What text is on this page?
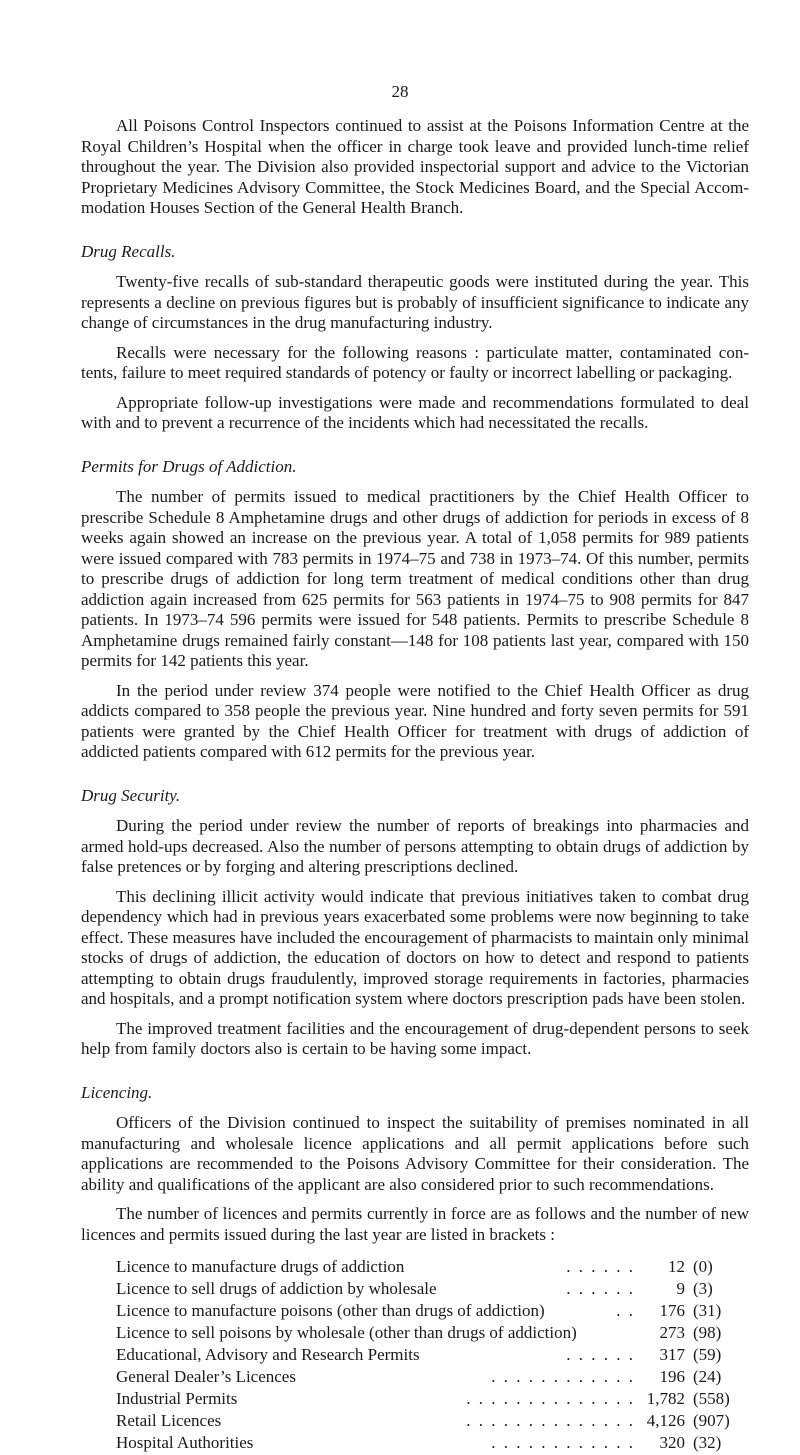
28

All Poisons Control Inspectors continued to assist at the Poisons Information Centre at the Royal Children’s Hospital when the officer in charge took leave and provided lunch-time relief throughout the year. The Division also provided inspectorial support and advice to the Victorian Proprietary Medicines Advisory Committee, the Stock Medicines Board, and the Special Accom- modation Houses Section of the General Health Branch.

Drug Recalls.

Twenty-five recalls of sub-standard therapeutic goods were instituted during the year. This represents a decline on previous figures but is probably of insufficient significance to indicate any change of circumstances in the drug manufacturing industry.

Recalls were necessary for the following reasons : particulate matter, contaminated con- tents, failure to meet required standards of potency or faulty or incorrect labelling or packaging.

Appropriate follow-up investigations were made and recommendations formulated to deal with and to prevent a recurrence of the incidents which had necessitated the recalls.

Permits for Drugs of Addiction.

The number of permits issued to medical practitioners by the Chief Health Officer to prescribe Schedule 8 Amphetamine drugs and other drugs of addiction for periods in excess of 8 weeks again showed an increase on the previous year. A total of 1,058 permits for 989 patients were issued compared with 783 permits in 1974–75 and 738 in 1973–74. Of this number, permits to prescribe drugs of addiction for long term treatment of medical conditions other than drug addiction again increased from 625 permits for 563 patients in 1974–75 to 908 permits for 847 patients. In 1973–74 596 permits were issued for 548 patients. Permits to prescribe Schedule 8 Amphetamine drugs remained fairly constant—148 for 108 patients last year, compared with 150 permits for 142 patients this year.

In the period under review 374 people were notified to the Chief Health Officer as drug addicts compared to 358 people the previous year. Nine hundred and forty seven permits for 591 patients were granted by the Chief Health Officer for treatment with drugs of addiction of addicted patients compared with 612 permits for the previous year.

Drug Security.

During the period under review the number of reports of breakings into pharmacies and armed hold-ups decreased. Also the number of persons attempting to obtain drugs of addiction by false pretences or by forging and altering prescriptions declined.

This declining illicit activity would indicate that previous initiatives taken to combat drug dependency which had in previous years exacerbated some problems were now beginning to take effect. These measures have included the encouragement of pharmacists to maintain only minimal stocks of drugs of addiction, the education of doctors on how to detect and respond to patients attempting to obtain drugs fraudulently, improved storage requirements in factories, pharmacies and hospitals, and a prompt notification system where doctors prescription pads have been stolen.

The improved treatment facilities and the encouragement of drug-dependent persons to seek help from family doctors also is certain to be having some impact.

Licencing.

Officers of the Division continued to inspect the suitability of premises nominated in all manufacturing and wholesale licence applications and all permit applications before such applications are recommended to the Poisons Advisory Committee for their consideration. The ability and qualifications of the applicant are also considered prior to such recommendations.

The number of licences and permits currently in force are as follows and the number of new licences and permits issued during the last year are listed in brackets :

Licence to manufacture drugs of addiction	. . . . . .	12 (0)
Licence to sell drugs of addiction by wholesale	. . . . . .	9 (3)
Licence to manufacture poisons (other than drugs of addiction)	. .	176 (31)
Licence to sell poisons by wholesale (other than drugs of addiction)	273 (98)
Educational, Advisory and Research Permits	. . . . . .	317 (59)
General Dealer’s Licences	. . . . . . . . . . . .	196 (24)
Industrial Permits	. . . . . . . . . . . . . . 1,782 (558)
Retail Licences	. . . . . . . . . . . . . . 4,126 (907)
Hospital Authorities	. . . . . . . . . . . .	320 (32)
